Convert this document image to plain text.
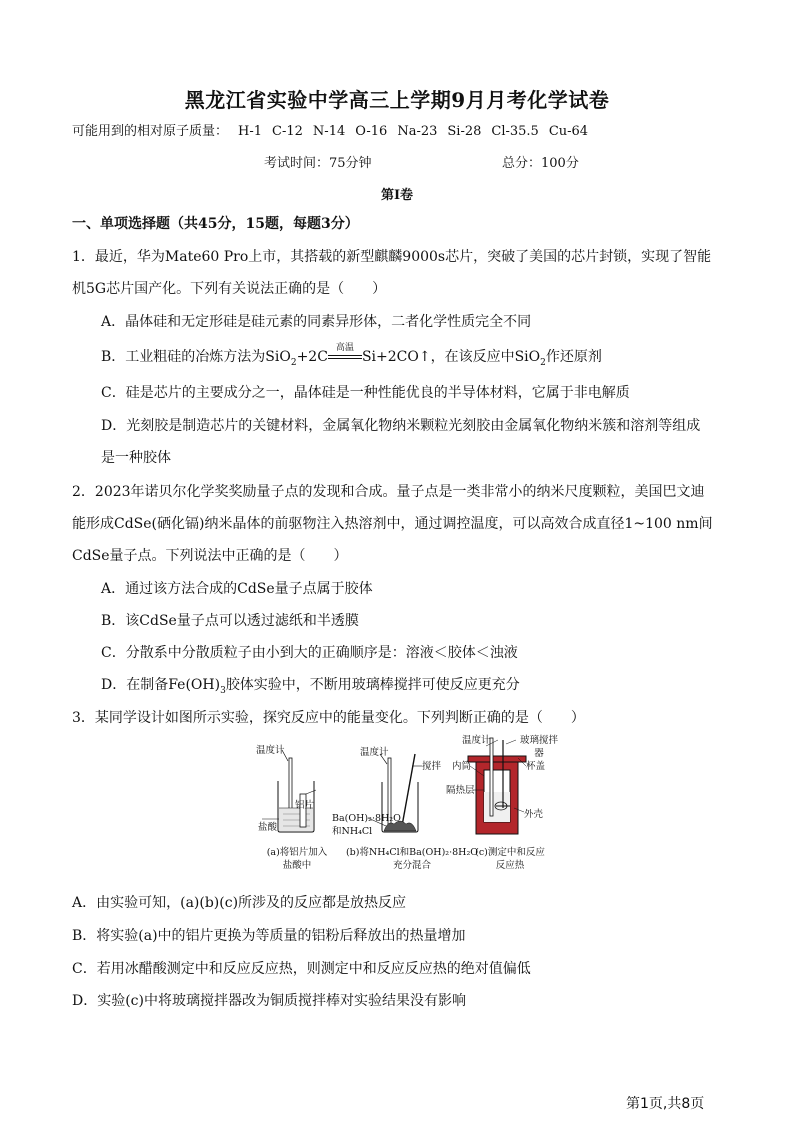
黑龙江省实验中学高三上学期9月月考化学试卷
可能用到的相对原子质量： H-1 C-12 N-14 O-16 Na-23 Si-28 Cl-35.5 Cu-64
考试时间：75分钟	总分：100分
第I卷
一、单项选择题（共45分，15题，每题3分）
1．最近，华为Mate60 Pro上市，其搭载的新型麒麟9000s芯片，突破了美国的芯片封锁，实现了智能
机5G芯片国产化。下列有关说法正确的是（　　）
A．晶体硅和无定形硅是硅元素的同素异形体，二者化学性质完全不同
B．工业粗硅的冶炼方法为SiO$_2$+2C
高温
Si+2CO↑，在该反应中SiO$_2$作还原剂
C．硅是芯片的主要成分之一，晶体硅是一种性能优良的半导体材料，它属于非电解质
D．光刻胶是制造芯片的关键材料，金属氧化物纳米颗粒光刻胶由金属氧化物纳米簇和溶剂等组成
是一种胶体
2．2023年诺贝尔化学奖奖励量子点的发现和合成。量子点是一类非常小的纳米尺度颗粒，美国巴文迪
能形成CdSe(硒化镉)纳米晶体的前驱物注入热溶剂中，通过调控温度，可以高效合成直径1~100 nm间
CdSe量子点。下列说法中正确的是（　　）
A．通过该方法合成的CdSe量子点属于胶体
B．该CdSe量子点可以透过滤纸和半透膜
C．分散系中分散质粒子由小到大的正确顺序是：溶液＜胶体＜浊液
D．在制备$Fe(OH)_3$胶体实验中，不断用玻璃棒搅拌可使反应更充分
3．某同学设计如图所示实验，探究反应中的能量变化。下列判断正确的是（　　）
温度计
铝片
盐酸
(a)将铝片加入
盐酸中
温度计
搅拌
Ba(OH)₂·8H₂O
和NH₄Cl
(b)将NH₄Cl和Ba(OH)₂·8H₂O
充分混合
温度计	玻璃搅拌器
内筒	杯盖
隔热层
外壳
(c)测定中和反应
反应热
A．由实验可知，(a)(b)(c)所涉及的反应都是放热反应
B．将实验(a)中的铝片更换为等质量的铝粉后释放出的热量增加
C．若用冰醋酸测定中和反应反应热，则测定中和反应反应热的绝对值偏低
D．实验(c)中将玻璃搅拌器改为铜质搅拌棒对实验结果没有影响
第1页,共8页
